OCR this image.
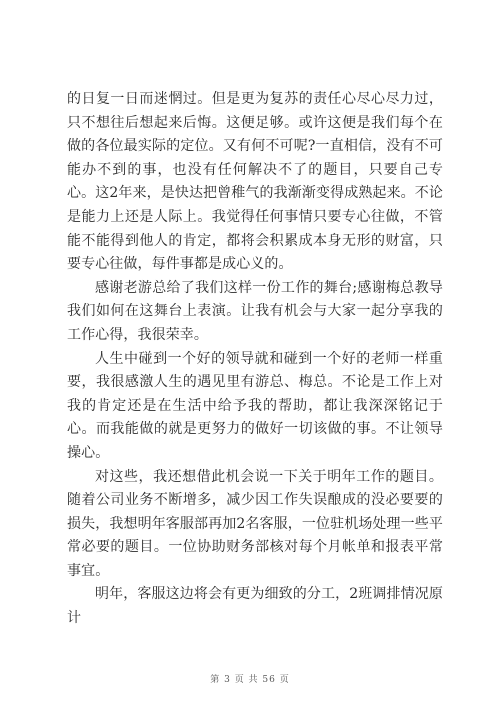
的日复一日而迷惘过。但是更为复苏的责任心尽心尽力过，只不想往后想起来后悔。这便足够。或许这便是我们每个在做的各位最实际的定位。又有何不可呢?一直相信，没有不可能办不到的事，也没有任何解决不了的题目，只要自己专心。这2年来，是快达把曾稚气的我渐渐变得成熟起来。不论是能力上还是人际上。我觉得任何事情只要专心往做，不管能不能得到他人的肯定，都将会积累成本身无形的财富，只要专心往做，每件事都是成心义的。

感谢老游总给了我们这样一份工作的舞台;感谢梅总教导我们如何在这舞台上表演。让我有机会与大家一起分享我的工作心得，我很荣幸。

人生中碰到一个好的领导就和碰到一个好的老师一样重要，我很感激人生的遇见里有游总、梅总。不论是工作上对我的肯定还是在生活中给予我的帮助，都让我深深铭记于心。而我能做的就是更努力的做好一切该做的事。不让领导操心。

对这些，我还想借此机会说一下关于明年工作的题目。随着公司业务不断增多，减少因工作失误酿成的没必要要的损失，我想明年客服部再加2名客服，一位驻机场处理一些平常必要的题目。一位协助财务部核对每个月帐单和报表平常事宜。

明年，客服这边将会有更为细致的分工，2班调排情况原计

第 3 页 共 56 页
